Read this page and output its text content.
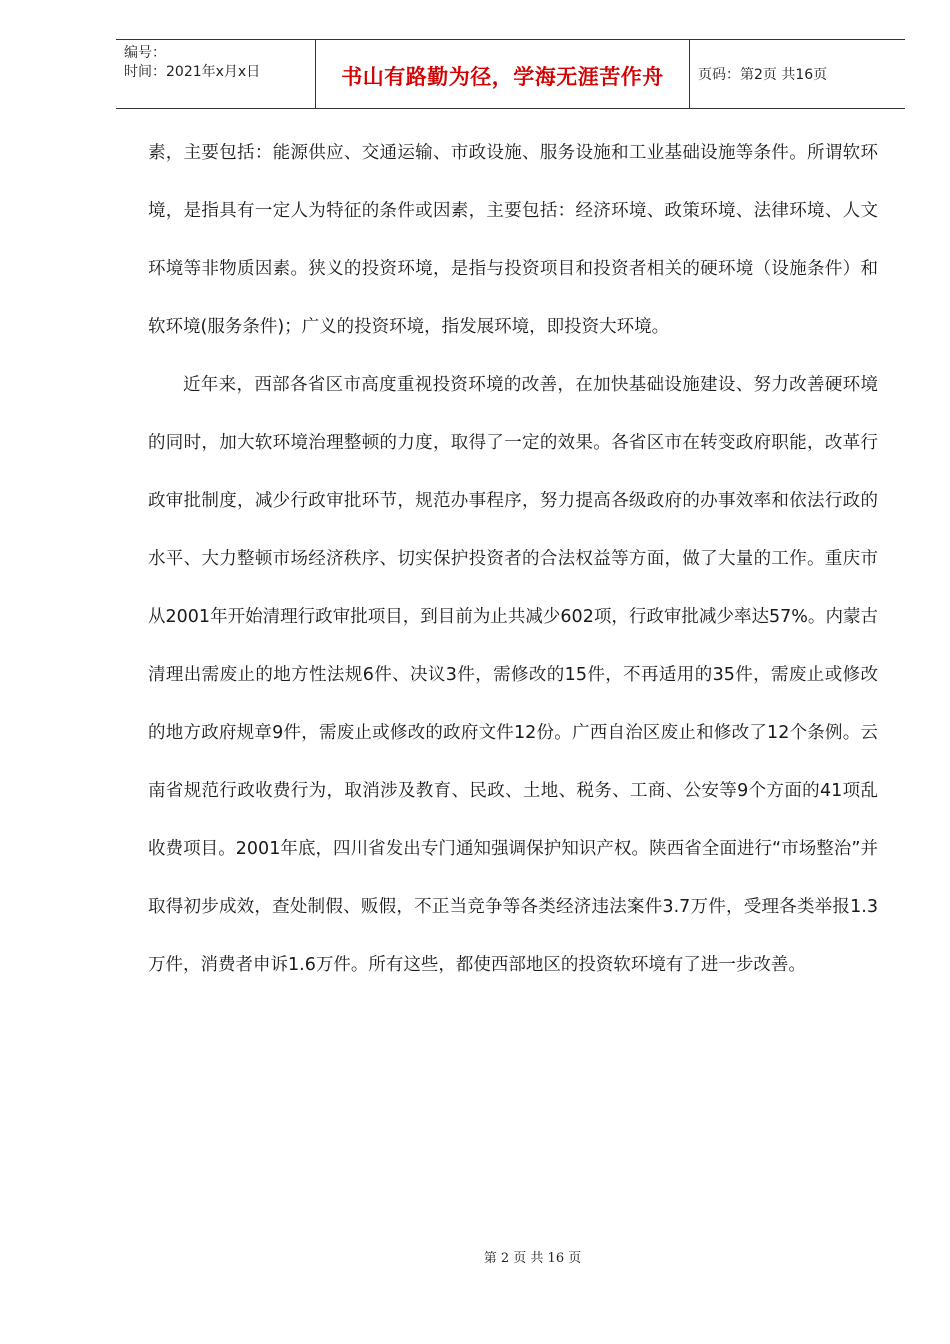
编号：
时间：2021年x月x日	书山有路勤为径，学海无涯苦作舟 页码：第2页 共16页

素，主要包括：能源供应、交通运输、市政设施、服务设施和工业基础设施等条件。所谓软环境，是指具有一定人为特征的条件或因素，主要包括：经济环境、政策环境、法律环境、人文环境等非物质因素。狭义的投资环境，是指与投资项目和投资者相关的硬环境（设施条件）和软环境(服务条件)；广义的投资环境，指发展环境，即投资大环境。

近年来，西部各省区市高度重视投资环境的改善，在加快基础设施建设、努力改善硬环境的同时，加大软环境治理整顿的力度，取得了一定的效果。各省区市在转变政府职能，改革行政审批制度，减少行政审批环节，规范办事程序，努力提高各级政府的办事效率和依法行政的水平、大力整顿市场经济秩序、切实保护投资者的合法权益等方面，做了大量的工作。重庆市从2001年开始清理行政审批项目，到目前为止共减少602项，行政审批减少率达57%。内蒙古清理出需废止的地方性法规6件、决议3件，需修改的15件，不再适用的35件，需废止或修改的地方政府规章9件，需废止或修改的政府文件12份。广西自治区废止和修改了12个条例。云南省规范行政收费行为，取消涉及教育、民政、土地、税务、工商、公安等9个方面的41项乱收费项目。2001年底，四川省发出专门通知强调保护知识产权。陕西省全面进行“市场整治”并取得初步成效，查处制假、贩假，不正当竞争等各类经济违法案件3.7万件，受理各类举报1.3万件，消费者申诉1.6万件。所有这些，都使西部地区的投资软环境有了进一步改善。

第 2 页 共 16 页
